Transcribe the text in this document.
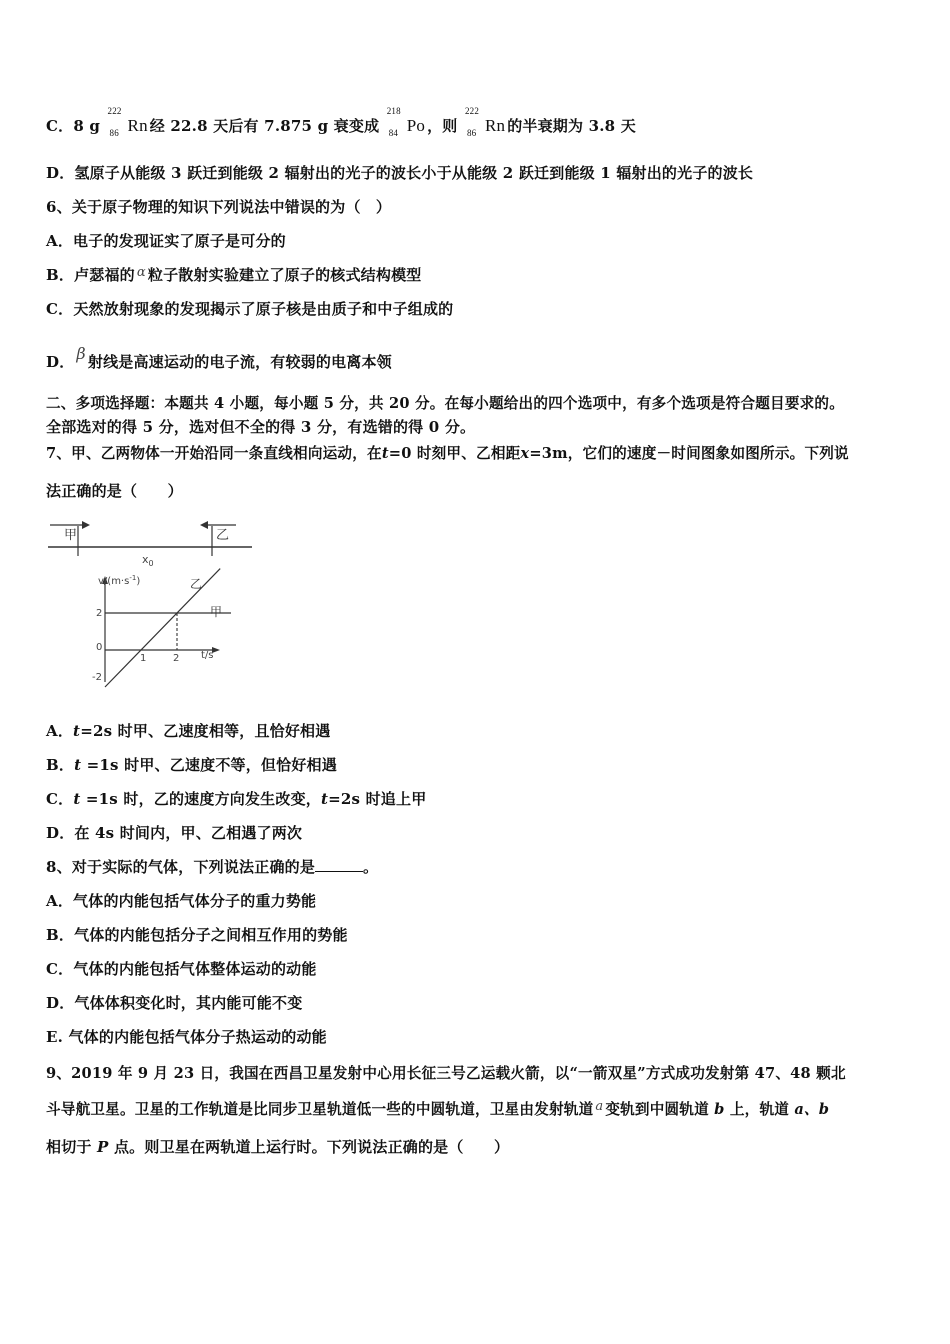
C．8 g
222
86 Rn 经 22.8 天后有 7.875 g 衰变成
218
84 Po ，则
222
86 Rn 的半衰期为 3.8 天
D．氢原子从能级 3 跃迁到能级 2 辐射出的光子的波长小于从能级 2 跃迁到能级 1 辐射出的光子的波长
6、关于原子物理的知识下列说法中错误的为（　）
A．电子的发现证实了原子是可分的
B．卢瑟福的 α 粒子散射实验建立了原子的核式结构模型
C．天然放射现象的发现揭示了原子核是由质子和中子组成的
D． β 射线是高速运动的电子流，有较弱的电离本领
二、多项选择题：本题共 4 小题，每小题 5 分，共 20 分。在每小题给出的四个选项中，有多个选项是符合题目要求的。
全部选对的得 5 分，选对但不全的得 3 分，有选错的得 0 分。
7、甲、乙两物体一开始沿同一条直线相向运动，在t=0 时刻甲、乙相距x=3m，它们的速度－时间图象如图所示。下列说
法正确的是（　　）
甲	乙
$x_0$
$v/(m\cdot s^{-1})$
t/s
2
0
-2
1	2
甲
乙
A．t=2s 时甲、乙速度相等，且恰好相遇
B．t =1s 时甲、乙速度不等，但恰好相遇
C．t =1s 时，乙的速度方向发生改变，t=2s 时追上甲
D．在 4s 时间内，甲、乙相遇了两次
8、对于实际的气体，下列说法正确的是	。
A．气体的内能包括气体分子的重力势能
B．气体的内能包括分子之间相互作用的势能
C．气体的内能包括气体整体运动的动能
D．气体体积变化时，其内能可能不变
E. 气体的内能包括气体分子热运动的动能
9、2019 年 9 月 23 日，我国在西昌卫星发射中心用长征三号乙运载火箭，以“一箭双星”方式成功发射第 47、48 颗北
斗导航卫星。卫星的工作轨道是比同步卫星轨道低一些的中圆轨道，卫星由发射轨道 a 变轨到中圆轨道 b 上，轨道 a、b
相切于 P 点。则卫星在两轨道上运行时。下列说法正确的是（　　）
